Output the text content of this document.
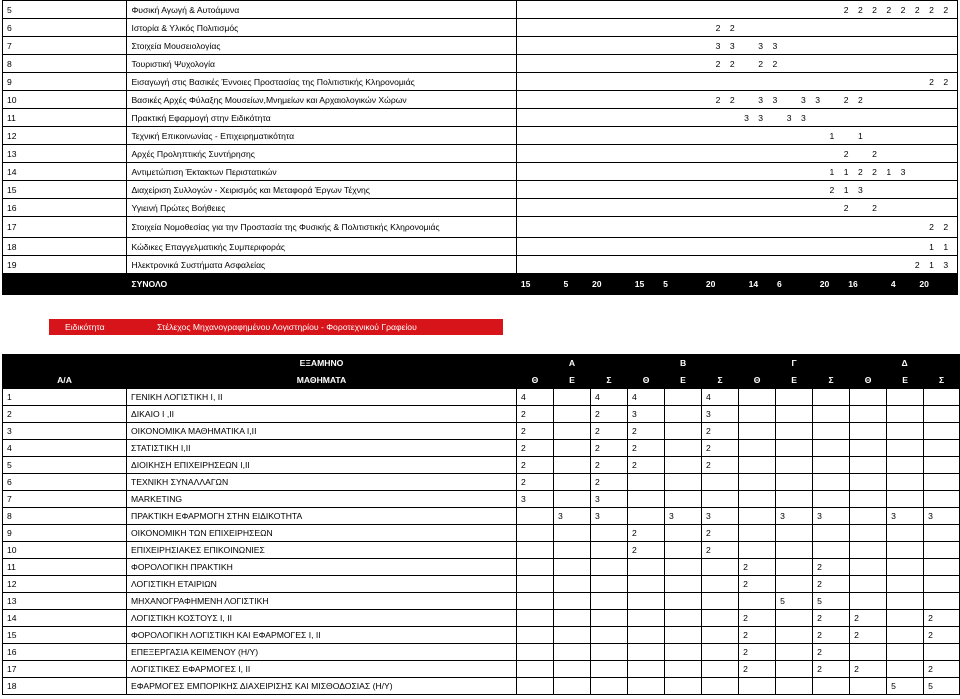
5	Φυσική Αγωγή & Αυτοάμυνα																								2	2	2	2	2	2	2	2
6	Ιστορία & Υλικός Πολιτισμός															2	2															
7	Στοιχεία Μουσειολογίας															3	3		3	3												
8	Τουριστική Ψυχολογία															2	2		2	2												
9	Εισαγωγή στις Βασικές Έννοιες Προστασίας της Πολιτιστικής Κληρονομιάς																														2	2
10	Βασικές Αρχές Φύλαξης Μουσείων,Μνημείων και Αρχαιολογικών Χώρων															2	2		3	3		3	3		2	2						
11	Πρακτική Εφαρμογή στην Ειδικότητα																	3	3		3	3										
12	Τεχνική Επικοινωνίας - Επιχειρηματικότητα																							1		1						
13	Αρχές Προληπτικής Συντήρησης																								2		2					
14	Αντιμετώπιση Έκτακτων Περιστατικών																							1	1	2	2	1	3			
15	Διαχείριση Συλλογών - Χειρισμός και Μεταφορά Έργων Τέχνης																							2	1	3						
16	Υγιεινή Πρώτες Βοήθειες																								2		2					
17	Στοιχεία Νομοθεσίας για την Προστασία της Φυσικής & Πολιτιστικής Κληρονομιάς																														2	2
18	Κώδικες Επαγγελματικής Συμπεριφοράς																														1	1
19	Ηλεκτρονικά Συστήματα Ασφαλείας																													2	1	3
	ΣΥΝΟΛΟ	15			5		20			15		5			20			14		6			20		16			4		20		
Ειδικότητα	Στέλεχος Μηχανογραφημένου Λογιστηρίου - Φοροτεχνικού Γραφείου
	ΕΞΑΜΗΝΟ	Α			Β			Γ			Δ		
Α/Α	ΜΑΘΗΜΑΤΑ	Θ	Ε	Σ	Θ	Ε	Σ	Θ	Ε	Σ	Θ	Ε	Σ
1	ΓΕΝΙΚΗ ΛΟΓΙΣΤΙΚΗ Ι, ΙΙ	4		4	4		4						
2	ΔΙΚΑΙΟ Ι ,ΙΙ	2		2	3		3						
3	ΟΙΚΟΝΟΜΙΚΑ ΜΑΘΗΜΑΤΙΚΑ Ι,ΙΙ	2		2	2		2						
4	ΣΤΑΤΙΣΤΙΚΗ Ι,ΙΙ	2		2	2		2						
5	ΔΙΟΙΚΗΣΗ ΕΠΙΧΕΙΡΗΣΕΩΝ Ι,ΙΙ	2		2	2		2						
6	ΤΕΧΝΙΚΗ ΣΥΝΑΛΛΑΓΩΝ	2		2									
7	MARKETING	3		3									
8	ΠΡΑΚΤΙΚΗ ΕΦΑΡΜΟΓΗ ΣΤΗΝ ΕΙΔΙΚΟΤΗΤΑ		3	3		3	3		3	3		3	3
9	ΟΙΚΟΝΟΜΙΚΗ ΤΩΝ ΕΠΙΧΕΙΡΗΣΕΩΝ				2		2						
10	ΕΠΙΧΕΙΡΗΣΙΑΚΕΣ ΕΠΙΚΟΙΝΩΝΙΕΣ				2		2						
11	ΦΟΡΟΛΟΓΙΚΗ ΠΡΑΚΤΙΚΗ							2		2			
12	ΛΟΓΙΣΤΙΚΗ ΕΤΑΙΡΙΩΝ							2		2			
13	ΜΗΧΑΝΟΓΡΑΦΗΜΕΝΗ ΛΟΓΙΣΤΙΚΗ								5	5			
14	ΛΟΓΙΣΤΙΚΗ ΚΟΣΤΟΥΣ Ι, ΙΙ							2		2	2		2
15	ΦΟΡΟΛΟΓΙΚΗ ΛΟΓΙΣΤΙΚΗ ΚΑΙ ΕΦΑΡΜΟΓΕΣ Ι, ΙΙ							2		2	2		2
16	ΕΠΕΞΕΡΓΑΣΙΑ ΚΕΙΜΕΝΟΥ (Η/Υ)							2		2			
17	ΛΟΓΙΣΤΙΚΕΣ ΕΦΑΡΜΟΓΕΣ Ι, ΙΙ							2		2	2		2
18	ΕΦΑΡΜΟΓΕΣ ΕΜΠΟΡΙΚΗΣ ΔΙΑΧΕΙΡΙΣΗΣ ΚΑΙ ΜΙΣΘΟΔΟΣΙΑΣ (Η/Υ)											5	5
